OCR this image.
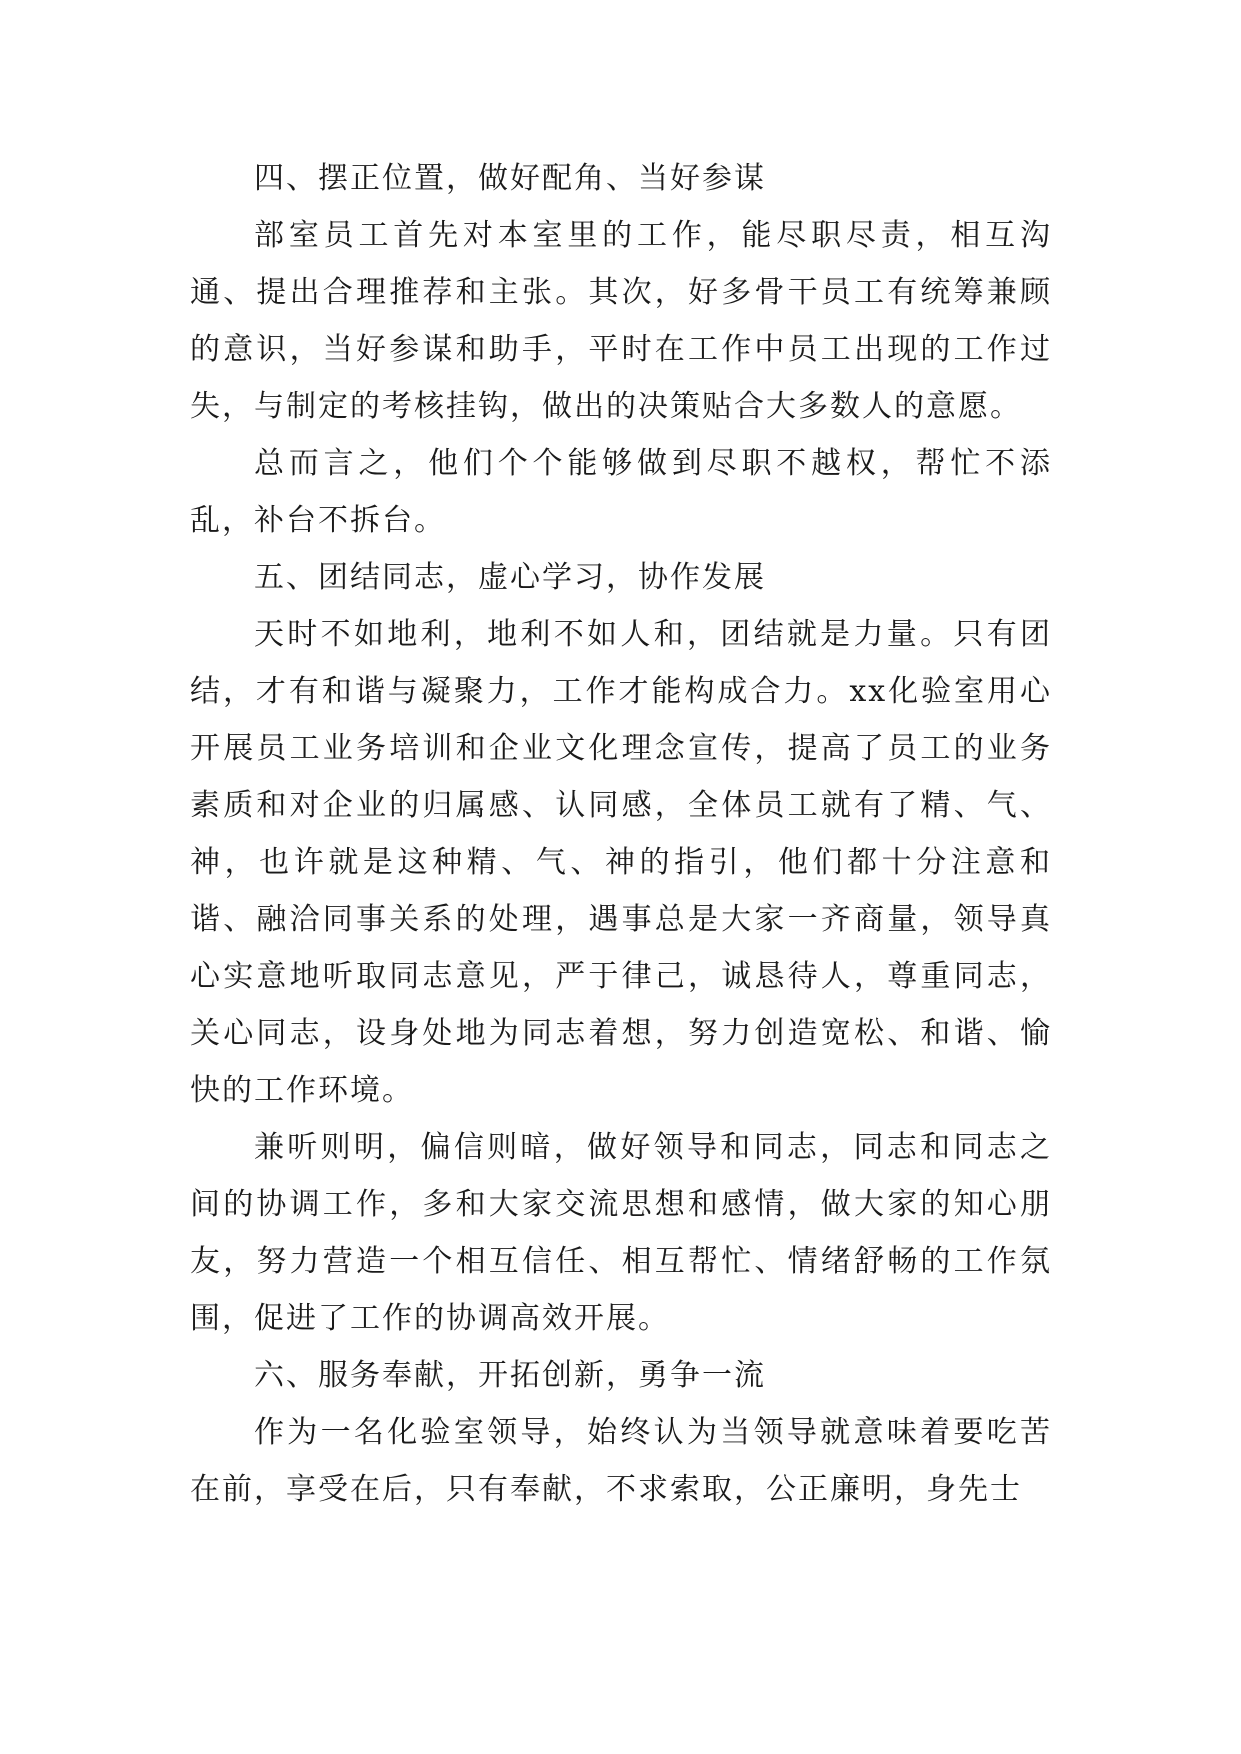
四、摆正位置，做好配角、当好参谋

部室员工首先对本室里的工作，能尽职尽责，相互沟通、提出合理推荐和主张。其次，好多骨干员工有统筹兼顾的意识，当好参谋和助手，平时在工作中员工出现的工作过失，与制定的考核挂钩，做出的决策贴合大多数人的意愿。

总而言之，他们个个能够做到尽职不越权，帮忙不添乱，补台不拆台。

五、团结同志，虚心学习，协作发展

天时不如地利，地利不如人和，团结就是力量。只有团结，才有和谐与凝聚力，工作才能构成合力。xx化验室用心开展员工业务培训和企业文化理念宣传，提高了员工的业务素质和对企业的归属感、认同感，全体员工就有了精、气、神，也许就是这种精、气、神的指引，他们都十分注意和谐、融洽同事关系的处理，遇事总是大家一齐商量，领导真心实意地听取同志意见，严于律己，诚恳待人，尊重同志，关心同志，设身处地为同志着想，努力创造宽松、和谐、愉快的工作环境。

兼听则明，偏信则暗，做好领导和同志，同志和同志之间的协调工作，多和大家交流思想和感情，做大家的知心朋友，努力营造一个相互信任、相互帮忙、情绪舒畅的工作氛围，促进了工作的协调高效开展。

六、服务奉献，开拓创新，勇争一流

作为一名化验室领导，始终认为当领导就意味着要吃苦在前，享受在后，只有奉献，不求索取，公正廉明，身先士
